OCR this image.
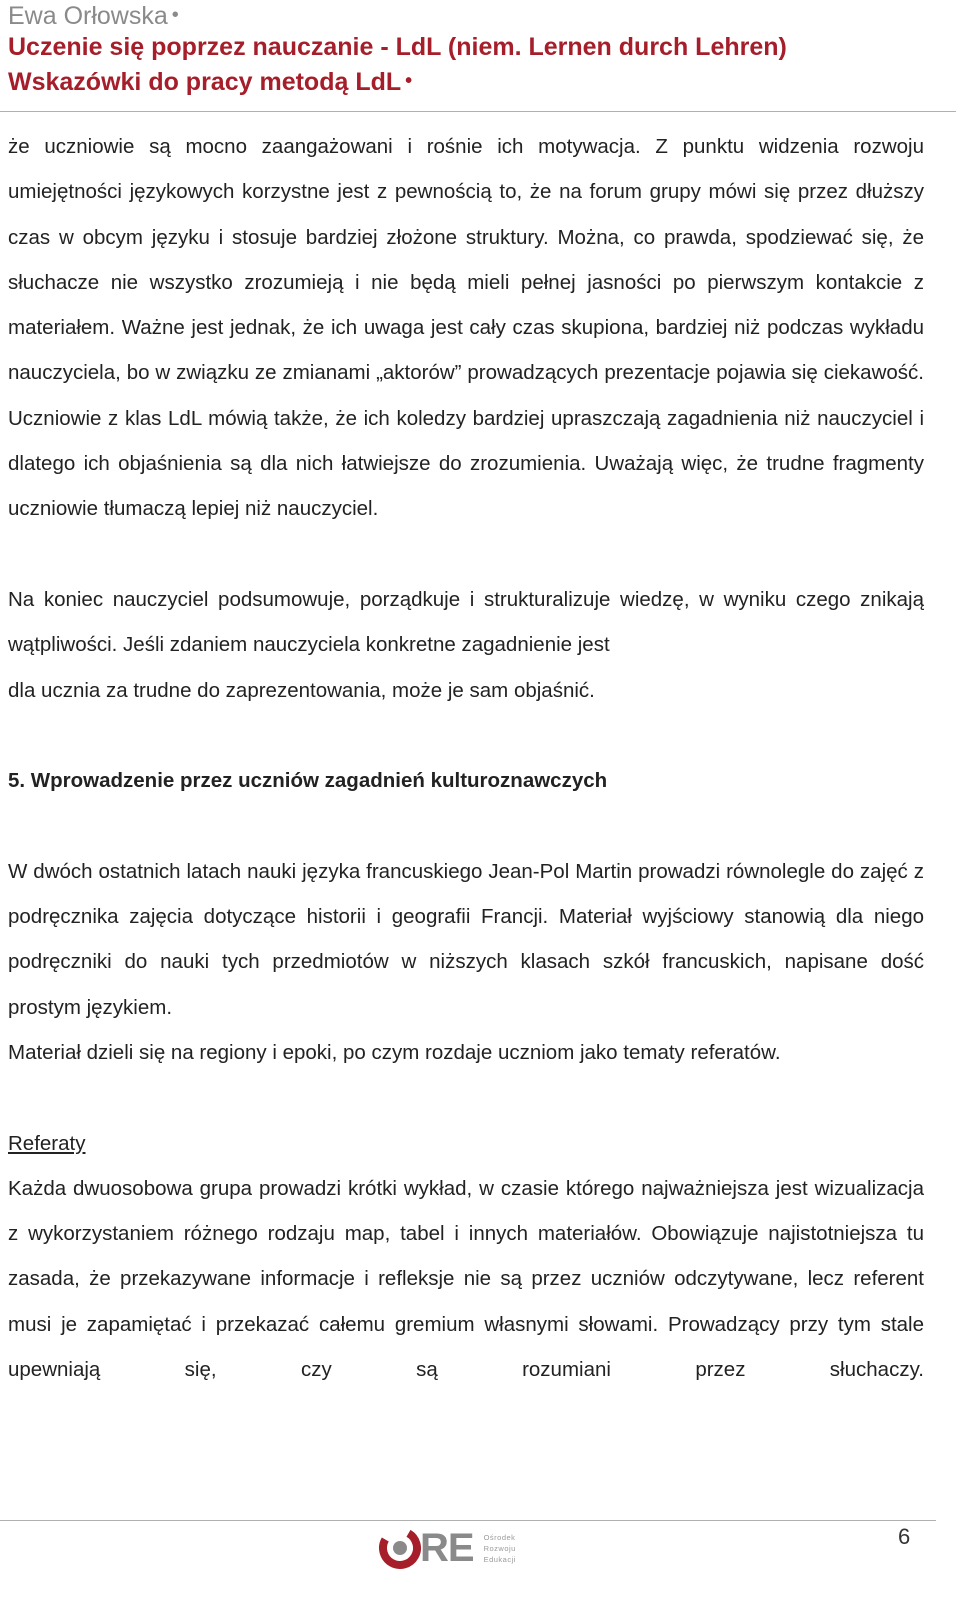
Ewa Orłowska •
Uczenie się poprzez nauczanie - LdL (niem. Lernen durch Lehren)
Wskazówki do pracy metodą LdL •

że uczniowie są mocno zaangażowani i rośnie ich motywacja. Z punktu widzenia rozwoju umiejętności językowych korzystne jest z pewnością to, że na forum grupy mówi się przez dłuższy czas w obcym języku i stosuje bardziej złożone struktury. Można, co prawda, spodziewać się, że słuchacze nie wszystko zrozumieją i nie będą mieli pełnej jasności po pierwszym kontakcie z materiałem. Ważne jest jednak, że ich uwaga jest cały czas skupiona, bardziej niż podczas wykładu nauczyciela, bo w związku ze zmianami „aktorów” prowadzących prezentacje pojawia się ciekawość. Uczniowie z klas LdL mówią także, że ich koledzy bardziej upraszczają zagadnienia niż nauczyciel i dlatego ich objaśnienia są dla nich łatwiejsze do zrozumienia. Uważają więc, że trudne fragmenty uczniowie tłumaczą lepiej niż nauczyciel.

Na koniec nauczyciel podsumowuje, porządkuje i strukturalizuje wiedzę, w wyniku czego znikają wątpliwości. Jeśli zdaniem nauczyciela konkretne zagadnienie jest

dla ucznia za trudne do zaprezentowania, może je sam objaśnić.

5. Wprowadzenie przez uczniów zagadnień kulturoznawczych

W dwóch ostatnich latach nauki języka francuskiego Jean-Pol Martin prowadzi równolegle do zajęć z podręcznika zajęcia dotyczące historii i geografii Francji. Materiał wyjściowy stanowią dla niego podręczniki do nauki tych przedmiotów w niższych klasach szkół francuskich, napisane dość prostym językiem.

Materiał dzieli się na regiony i epoki, po czym rozdaje uczniom jako tematy referatów.

Referaty

Każda dwuosobowa grupa prowadzi krótki wykład, w czasie którego najważniejsza jest wizualizacja z wykorzystaniem różnego rodzaju map, tabel i innych materiałów. Obowiązuje najistotniejsza tu zasada, że przekazywane informacje i refleksje nie są przez uczniów odczytywane, lecz referent musi je zapamiętać i przekazać całemu gremium własnymi słowami. Prowadzący przy tym stale upewniają się, czy są rozumiani przez słuchaczy.

RE Ośrodek
Rozwoju
Edukacji
6
